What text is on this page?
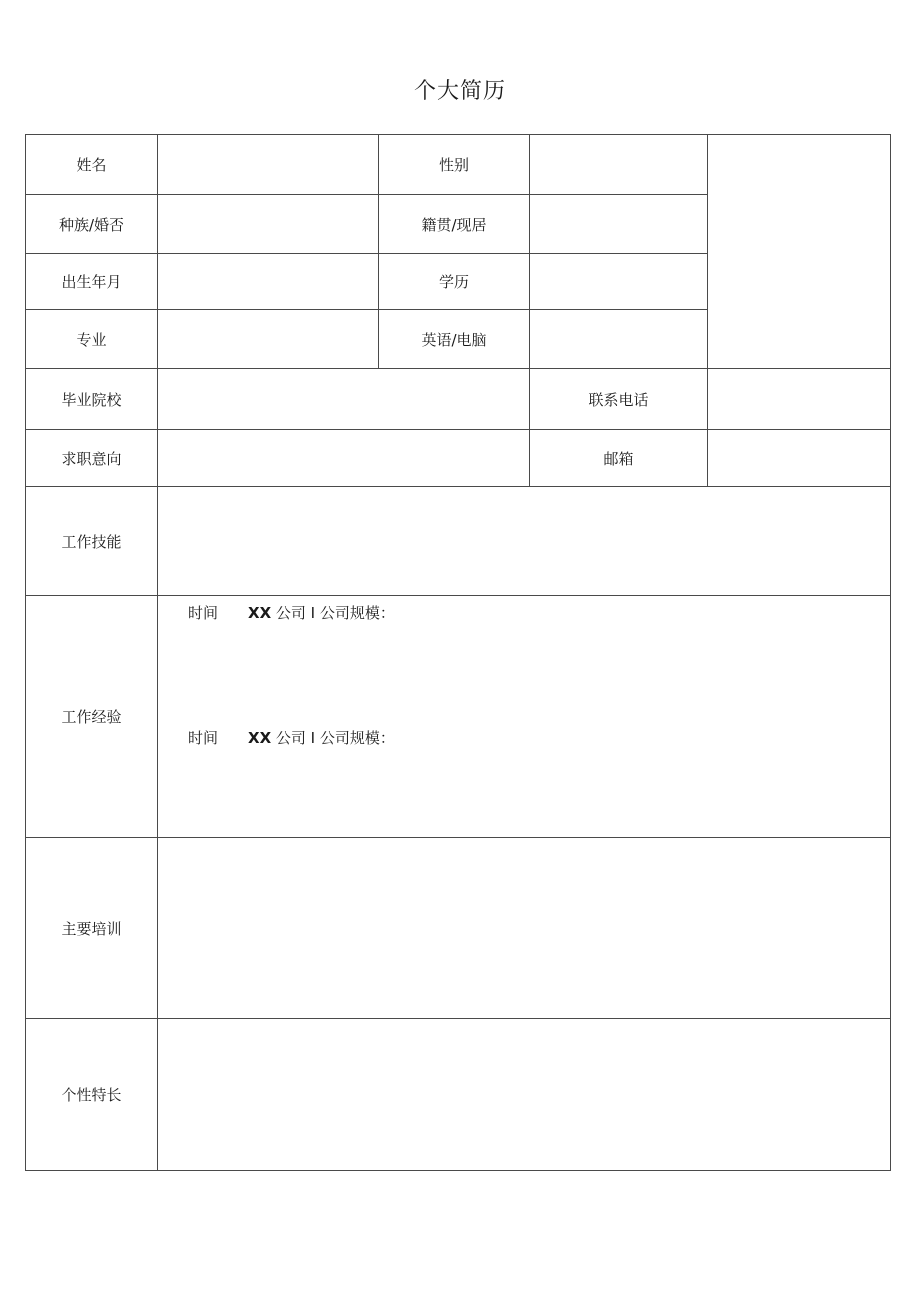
个大简历
姓名		性别		
种族/婚否		籍贯/现居		
出生年月		学历		
专业		英语/电脑		
毕业院校			联系电话	
求职意向			邮箱	
工作技能				
工作经验	时间 XX 公司 I 公司规模：
时间 XX 公司 I 公司规模：			

主要培训				
个性特长				
